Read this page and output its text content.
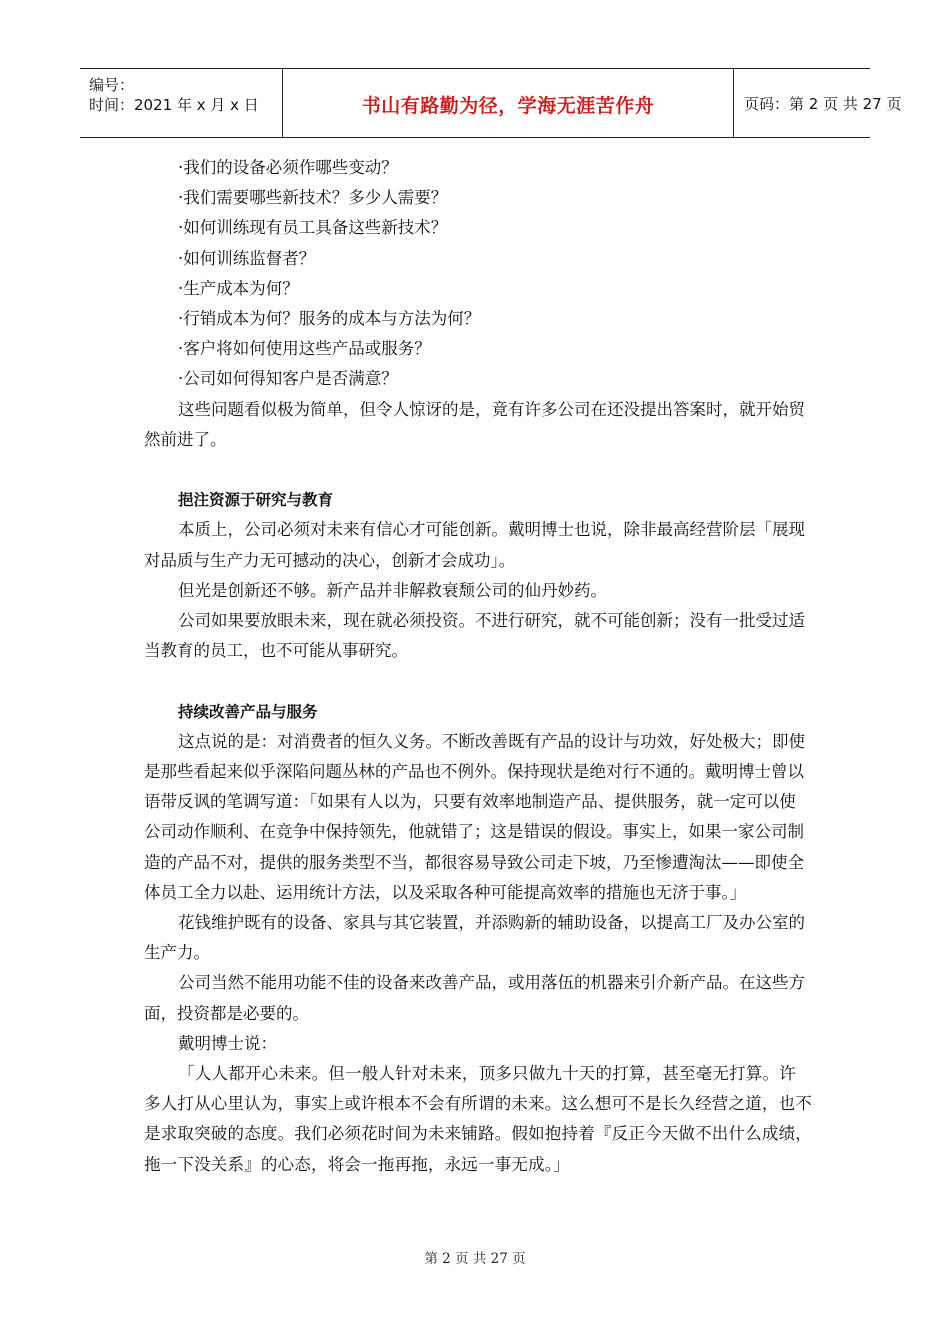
编号：
时间：2021 年 x 月 x 日	书山有路勤为径，学海无涯苦作舟	页码：第 2 页 共 27 页

·我们的设备必须作哪些变动？

·我们需要哪些新技术？多少人需要？

·如何训练现有员工具备这些新技术？

·如何训练监督者？

·生产成本为何？

·行销成本为何？服务的成本与方法为何？

·客户将如何使用这些产品或服务？

·公司如何得知客户是否满意？

这些问题看似极为简单，但令人惊讶的是，竟有许多公司在还没提出答案时，就开始贸然前进了。

挹注资源于研究与教育

本质上，公司必须对未来有信心才可能创新。戴明博士也说，除非最高经营阶层「展现对品质与生产力无可撼动的决心，创新才会成功」。

但光是创新还不够。新产品并非解救衰颓公司的仙丹妙药。

公司如果要放眼未来，现在就必须投资。不进行研究，就不可能创新；没有一批受过适当教育的员工，也不可能从事研究。

持续改善产品与服务

这点说的是：对消费者的恒久义务。不断改善既有产品的设计与功效，好处极大；即使是那些看起来似乎深陷问题丛林的产品也不例外。保持现状是绝对行不通的。戴明博士曾以语带反讽的笔调写道：「如果有人以为，只要有效率地制造产品、提供服务，就一定可以使公司动作顺利、在竞争中保持领先，他就错了；这是错误的假设。事实上，如果一家公司制造的产品不对，提供的服务类型不当，都很容易导致公司走下坡，乃至惨遭淘汰——即使全体员工全力以赴、运用统计方法，以及采取各种可能提高效率的措施也无济于事。」

花钱维护既有的设备、家具与其它装置，并添购新的辅助设备，以提高工厂及办公室的生产力。

公司当然不能用功能不佳的设备来改善产品，或用落伍的机器来引介新产品。在这些方面，投资都是必要的。

戴明博士说：

「人人都开心未来。但一般人针对未来，顶多只做九十天的打算，甚至毫无打算。许多人打从心里认为，事实上或许根本不会有所谓的未来。这么想可不是长久经营之道，也不是求取突破的态度。我们必须花时间为未来铺路。假如抱持着『反正今天做不出什么成绩，拖一下没关系』的心态，将会一拖再拖，永远一事无成。」

第 2 页 共 27 页
